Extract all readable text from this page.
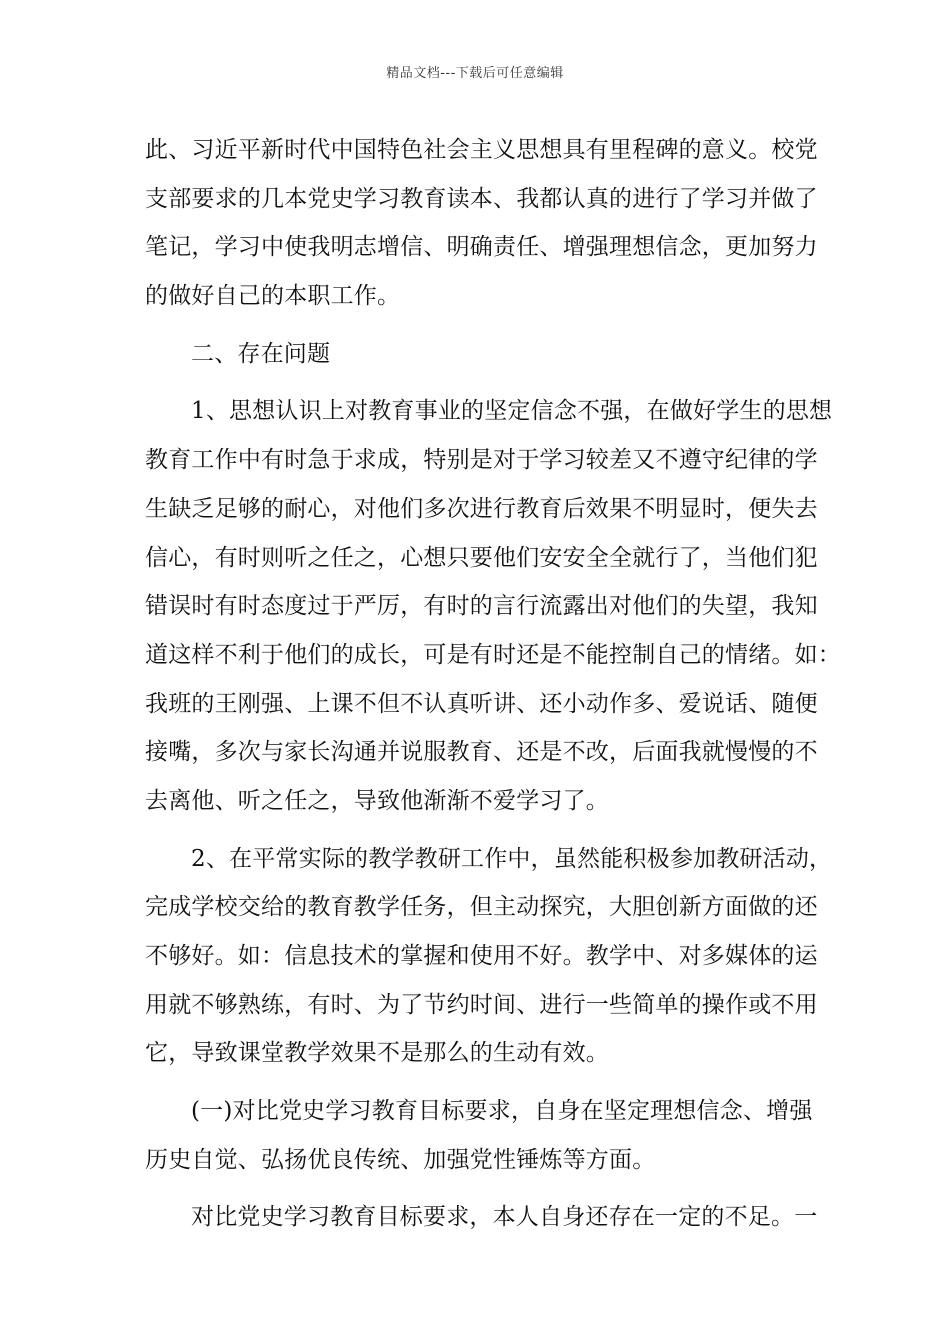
精品文档---下载后可任意编辑
此、习近平新时代中国特色社会主义思想具有里程碑的意义。校党
支部要求的几本党史学习教育读本、我都认真的进行了学习并做了
笔记，学习中使我明志增信、明确责任、增强理想信念，更加努力
的做好自己的本职工作。
二、存在问题
1、思想认识上对教育事业的坚定信念不强，在做好学生的思想
教育工作中有时急于求成，特别是对于学习较差又不遵守纪律的学
生缺乏足够的耐心，对他们多次进行教育后效果不明显时，便失去
信心，有时则听之任之，心想只要他们安安全全就行了，当他们犯
错误时有时态度过于严厉，有时的言行流露出对他们的失望，我知
道这样不利于他们的成长，可是有时还是不能控制自己的情绪。如：
我班的王刚强、上课不但不认真听讲、还小动作多、爱说话、随便
接嘴，多次与家长沟通并说服教育、还是不改，后面我就慢慢的不
去离他、听之任之，导致他渐渐不爱学习了。
2、在平常实际的教学教研工作中，虽然能积极参加教研活动，
完成学校交给的教育教学任务，但主动探究，大胆创新方面做的还
不够好。如：信息技术的掌握和使用不好。教学中、对多媒体的运
用就不够熟练，有时、为了节约时间、进行一些简单的操作或不用
它，导致课堂教学效果不是那么的生动有效。
(一)对比党史学习教育目标要求，自身在坚定理想信念、增强
历史自觉、弘扬优良传统、加强党性锤炼等方面。
对比党史学习教育目标要求，本人自身还存在一定的不足。一
